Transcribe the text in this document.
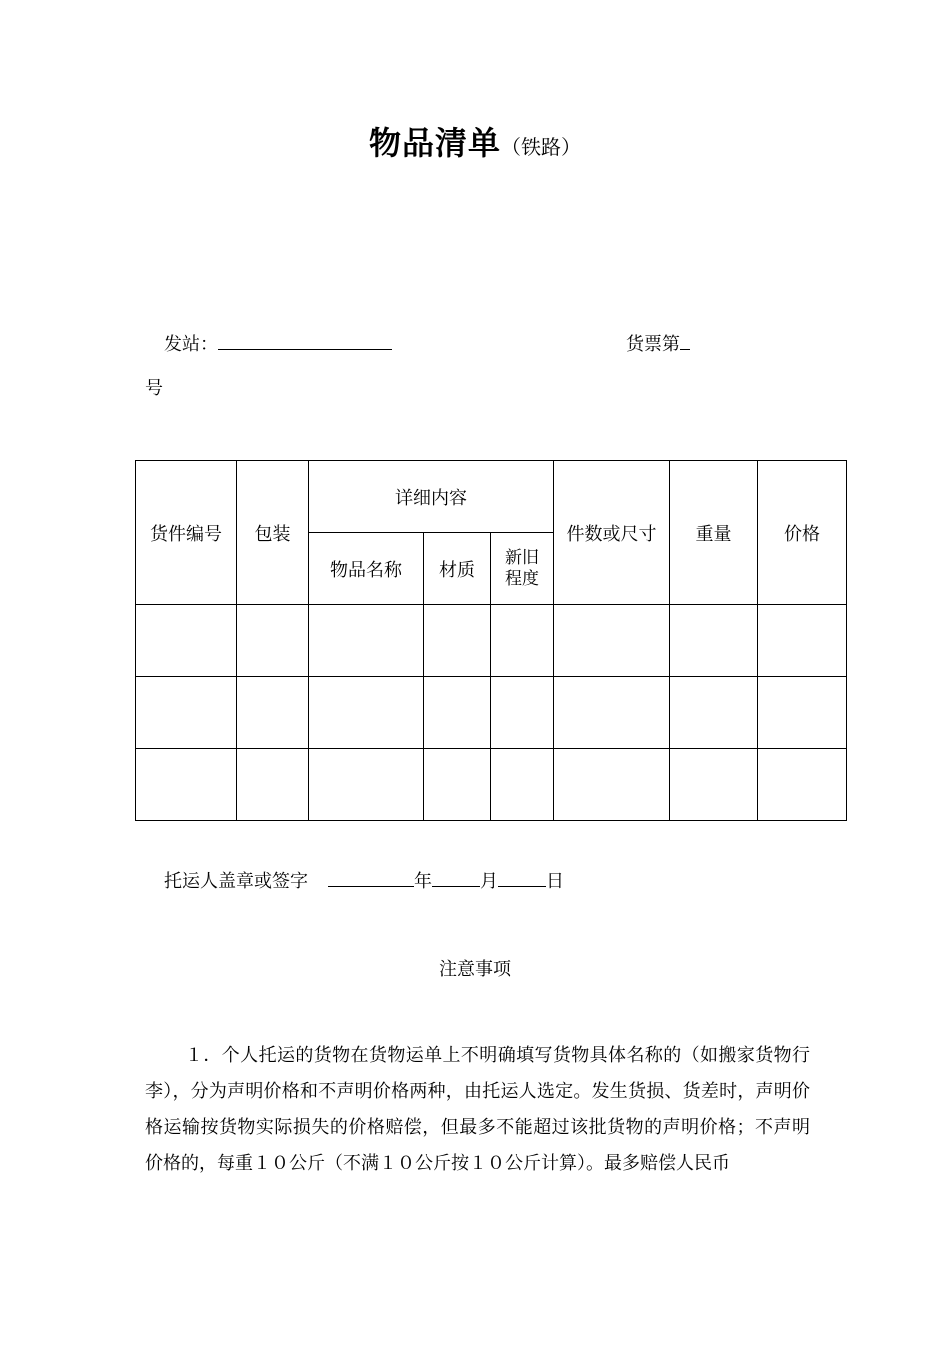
物品清单（铁路）
发站：	货票第
号
货件编号	包装	详细内容			件数或尺寸	重量	价格
		物品名称	材质	新旧程度			

托运人盖章或签字	年	月	日
注意事项
１．个人托运的货物在货物运单上不明确填写货物具体名称的（如搬家货物行李），分为声明价格和不声明价格两种，由托运人选定。发生货损、货差时，声明价格运输按货物实际损失的价格赔偿，但最多不能超过该批货物的声明价格；不声明价格的，每重１０公斤（不满１０公斤按１０公斤计算）。最多赔偿人民币
